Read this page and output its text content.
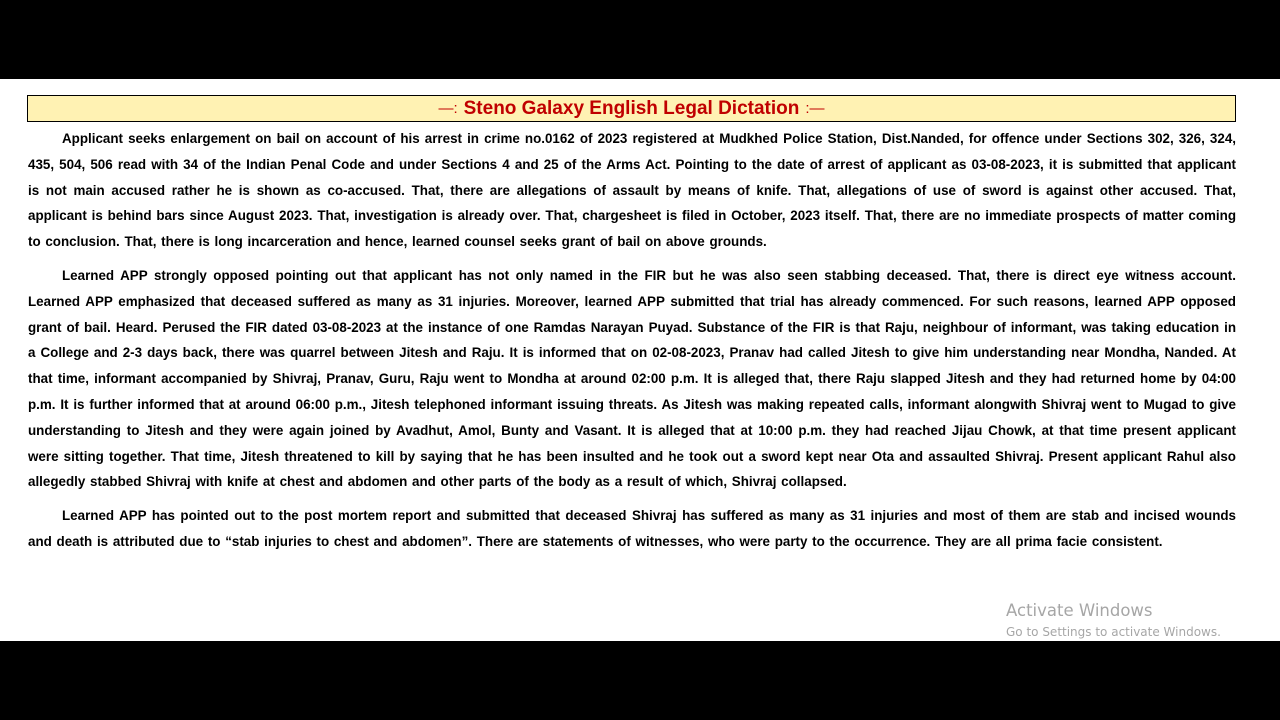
—: Steno Galaxy English Legal Dictation :—

Applicant seeks enlargement on bail on account of his arrest in crime no.0162 of 2023 registered at Mudkhed Police Station, Dist.Nanded, for offence under Sections 302, 326, 324, 435, 504, 506 read with 34 of the Indian Penal Code and under Sections 4 and 25 of the Arms Act. Pointing to the date of arrest of applicant as 03-08-2023, it is submitted that applicant is not main accused rather he is shown as co-accused. That, there are allegations of assault by means of knife. That, allegations of use of sword is against other accused. That, applicant is behind bars since August 2023. That, investigation is already over. That, chargesheet is filed in October, 2023 itself. That, there are no immediate prospects of matter coming to conclusion. That, there is long incarceration and hence, learned counsel seeks grant of bail on above grounds.

Learned APP strongly opposed pointing out that applicant has not only named in the FIR but he was also seen stabbing deceased. That, there is direct eye witness account. Learned APP emphasized that deceased suffered as many as 31 injuries. Moreover, learned APP submitted that trial has already commenced. For such reasons, learned APP opposed grant of bail. Heard. Perused the FIR dated 03-08-2023 at the instance of one Ramdas Narayan Puyad. Substance of the FIR is that Raju, neighbour of informant, was taking education in a College and 2-3 days back, there was quarrel between Jitesh and Raju. It is informed that on 02-08-2023, Pranav had called Jitesh to give him understanding near Mondha, Nanded. At that time, informant accompanied by Shivraj, Pranav, Guru, Raju went to Mondha at around 02:00 p.m. It is alleged that, there Raju slapped Jitesh and they had returned home by 04:00 p.m. It is further informed that at around 06:00 p.m., Jitesh telephoned informant issuing threats. As Jitesh was making repeated calls, informant alongwith Shivraj went to Mugad to give understanding to Jitesh and they were again joined by Avadhut, Amol, Bunty and Vasant. It is alleged that at 10:00 p.m. they had reached Jijau Chowk, at that time present applicant were sitting together. That time, Jitesh threatened to kill by saying that he has been insulted and he took out a sword kept near Ota and assaulted Shivraj. Present applicant Rahul also allegedly stabbed Shivraj with knife at chest and abdomen and other parts of the body as a result of which, Shivraj collapsed.

Learned APP has pointed out to the post mortem report and submitted that deceased Shivraj has suffered as many as 31 injuries and most of them are stab and incised wounds and death is attributed due to “stab injuries to chest and abdomen”. There are statements of witnesses, who were party to the occurrence. They are all prima facie consistent.

Activate Windows
Go to Settings to activate Windows.
